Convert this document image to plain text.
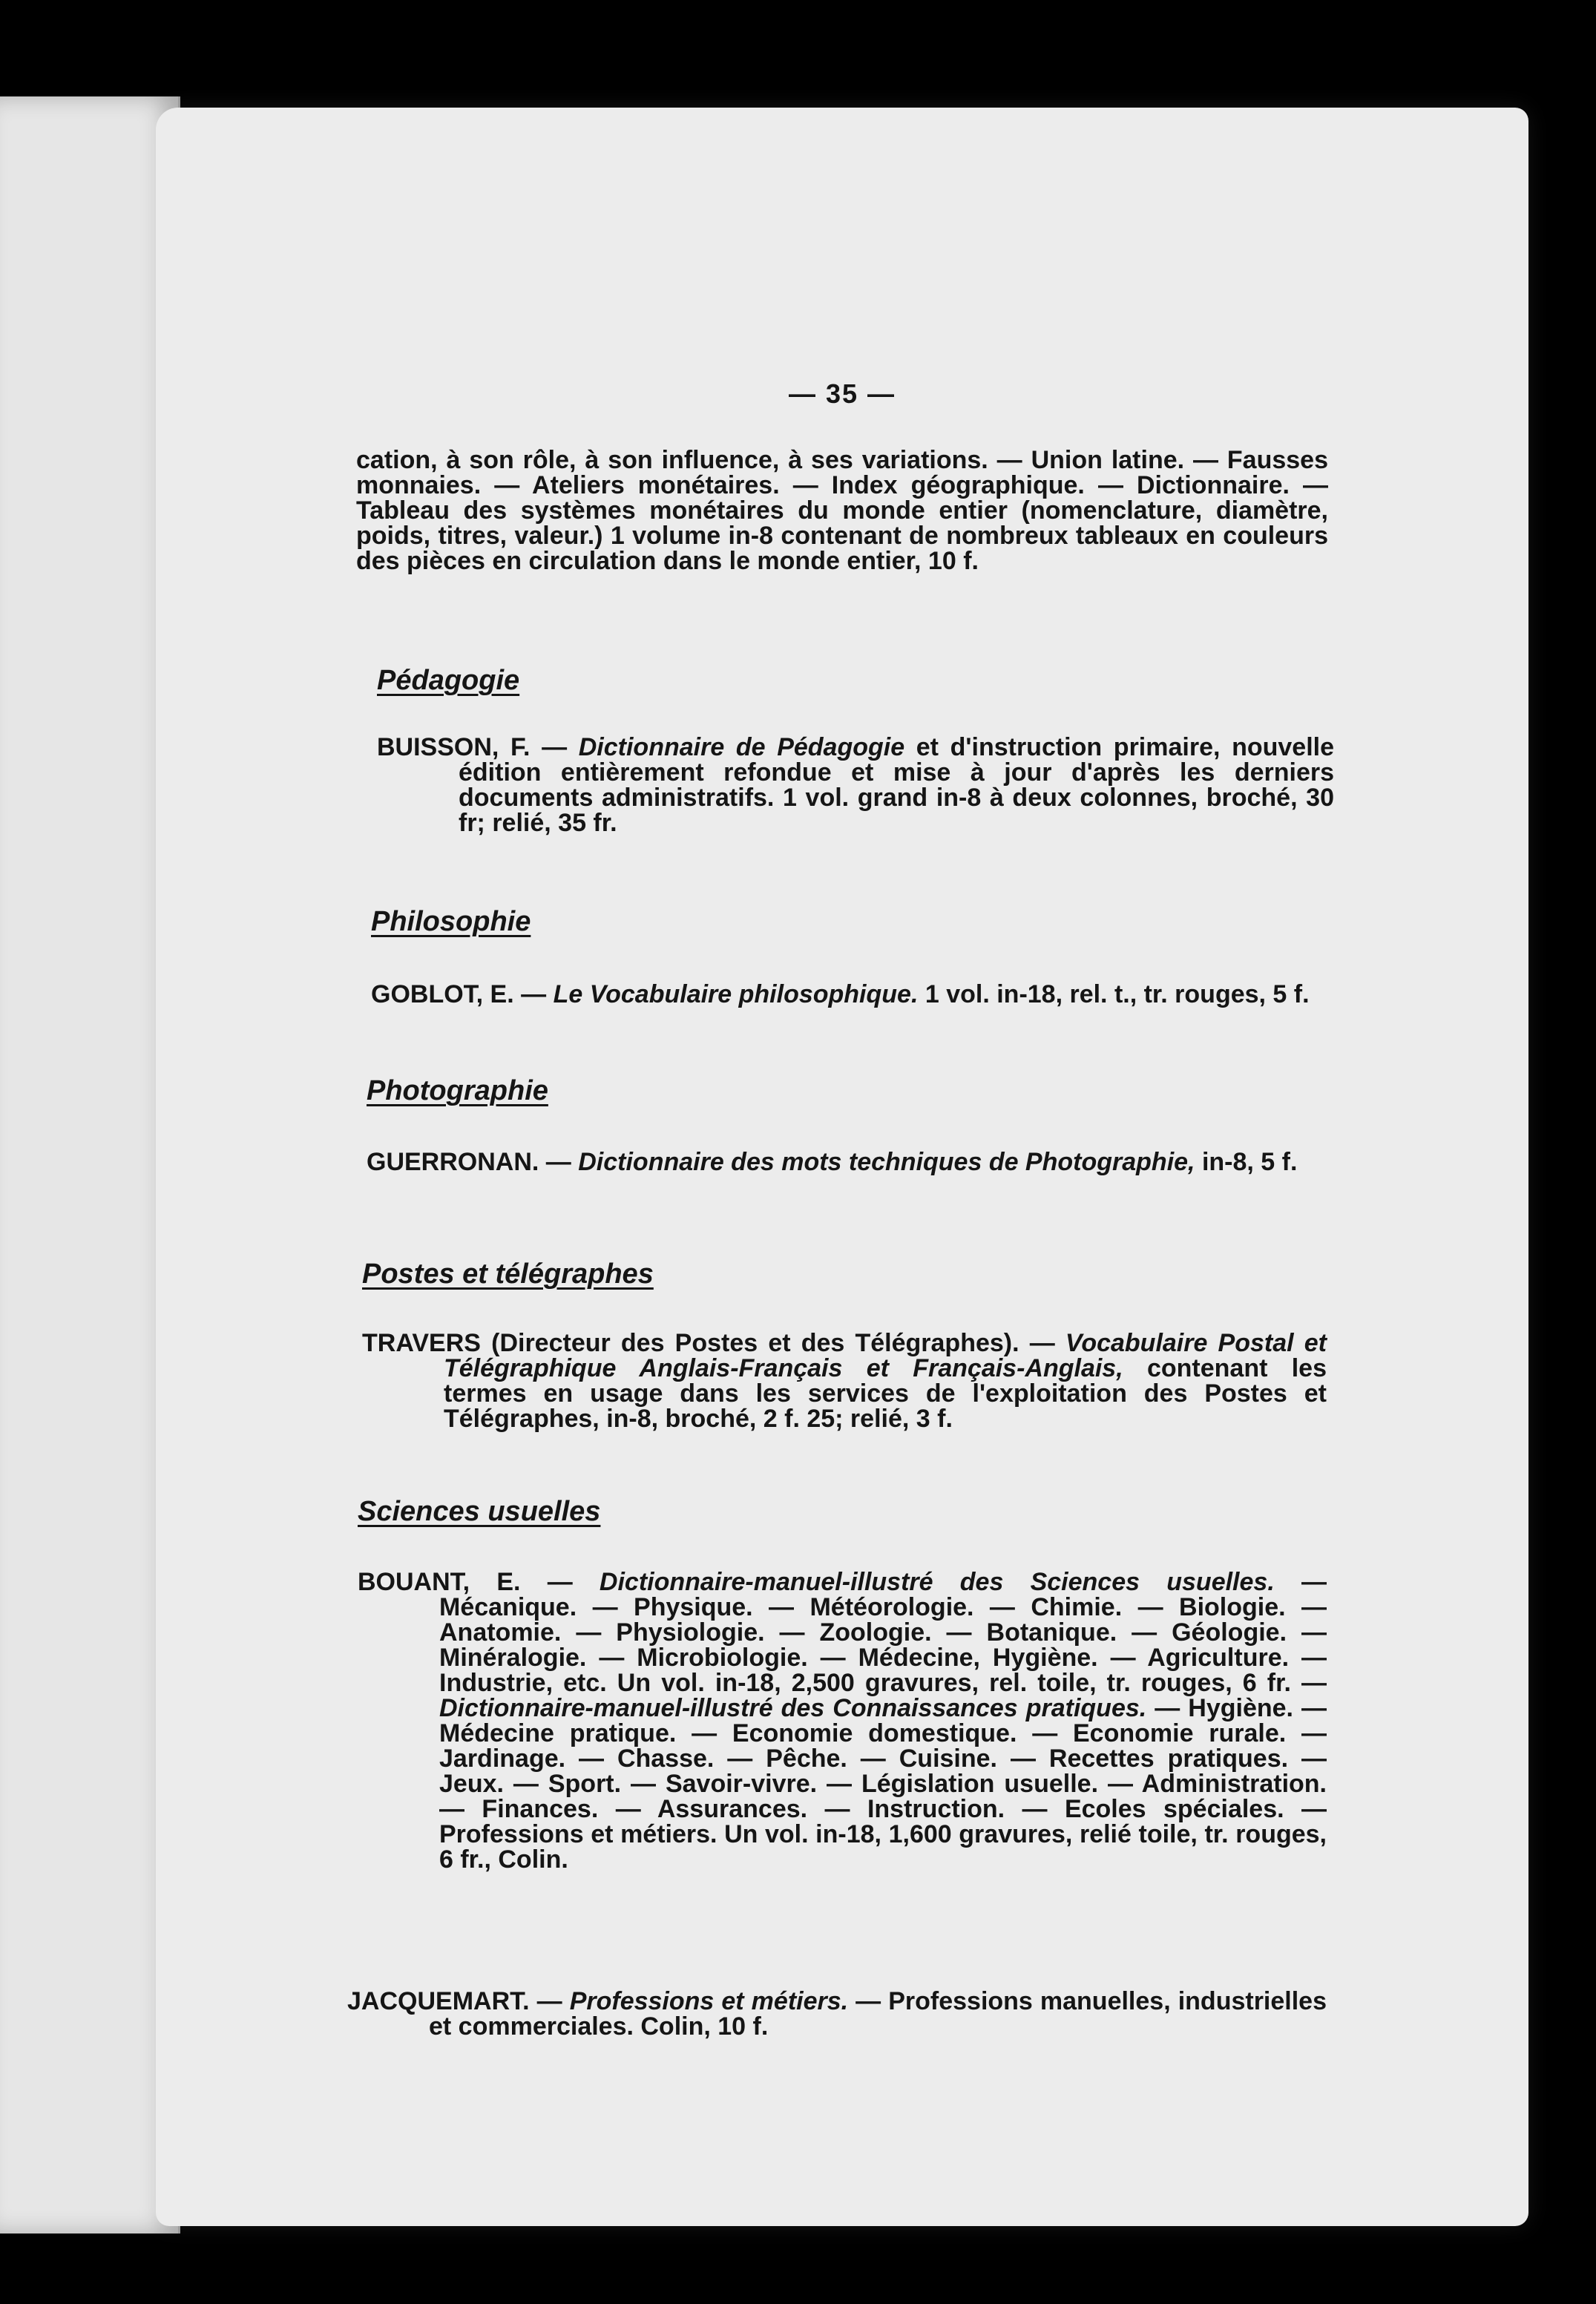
— 35 —

cation, à son rôle, à son influence, à ses variations. — Union latine. — Fausses monnaies. — Ateliers monétaires. — Index géographique. — Dictionnaire. — Tableau des systèmes monétaires du monde entier (nomenclature, diamètre, poids, titres, valeur.) 1 volume in-8 contenant de nombreux tableaux en couleurs des pièces en circulation dans le monde entier, 10 f.

Pédagogie

BUISSON, F. — Dictionnaire de Pédagogie et d'instruction primaire, nouvelle édition entièrement refondue et mise à jour d'après les derniers documents administratifs. 1 vol. grand in-8 à deux colonnes, broché, 30 fr; relié, 35 fr.

Philosophie

GOBLOT, E. — Le Vocabulaire philosophique. 1 vol. in-18, rel. t., tr. rouges, 5 f.

Photographie

GUERRONAN. — Dictionnaire des mots techniques de Photographie, in-8, 5 f.

Postes et télégraphes

TRAVERS (Directeur des Postes et des Télégraphes). — Vocabulaire Postal et Télégraphique Anglais-Français et Français-Anglais, contenant les termes en usage dans les services de l'exploitation des Postes et Télégraphes, in-8, broché, 2 f. 25; relié, 3 f.

Sciences usuelles

BOUANT, E. — Dictionnaire-manuel-illustré des Sciences usuelles. — Mécanique. — Physique. — Météorologie. — Chimie. — Biologie. — Anatomie. — Physiologie. — Zoologie. — Botanique. — Géologie. — Minéralogie. — Microbiologie. — Médecine, Hygiène. — Agriculture. — Industrie, etc. Un vol. in-18, 2,500 gravures, rel. toile, tr. rouges, 6 fr. — Dictionnaire-manuel-illustré des Connaissances pratiques. — Hygiène. — Médecine pratique. — Economie domestique. — Economie rurale. — Jardinage. — Chasse. — Pêche. — Cuisine. — Recettes pratiques. — Jeux. — Sport. — Savoir-vivre. — Législation usuelle. — Administration. — Finances. — Assurances. — Instruction. — Ecoles spéciales. — Professions et métiers. Un vol. in-18, 1,600 gravures, relié toile, tr. rouges, 6 fr., Colin.

JACQUEMART. — Professions et métiers. — Professions manuelles, industrielles et commerciales. Colin, 10 f.
